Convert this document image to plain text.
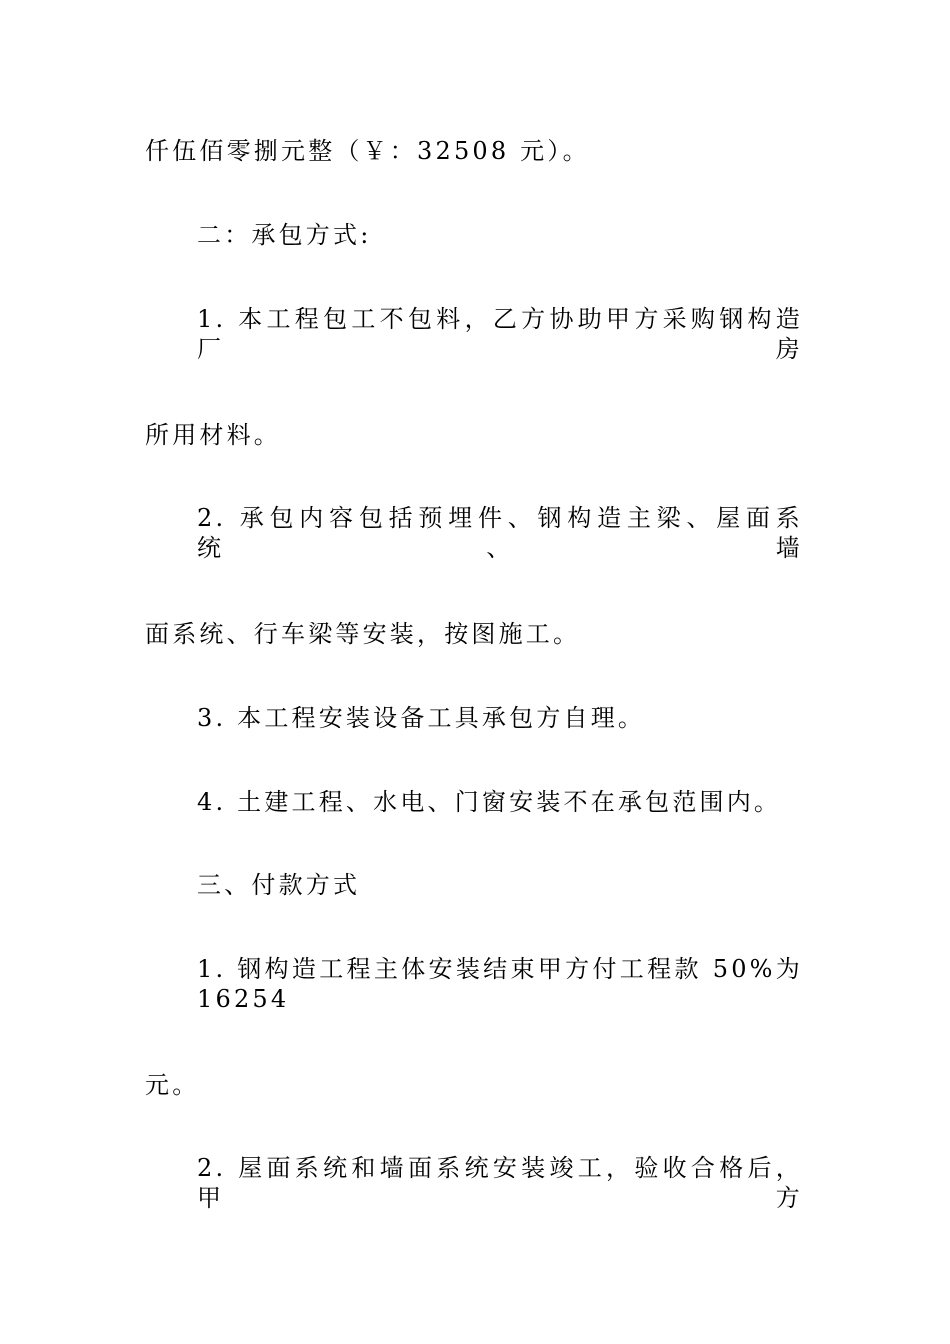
仟伍佰零捌元整（￥：32508 元）。
二：承包方式:
1. 本工程包工不包料，乙方协助甲方采购钢构造厂房
所用材料。
2. 承包内容包括预埋件、钢构造主梁、屋面系统、墙
面系统、行车梁等安装，按图施工。
3. 本工程安装设备工具承包方自理。
4. 土建工程、水电、门窗安装不在承包范围内。
三、付款方式
1. 钢构造工程主体安装结束甲方付工程款 50%为 16254
元。
2. 屋面系统和墙面系统安装竣工，验收合格后，甲方
